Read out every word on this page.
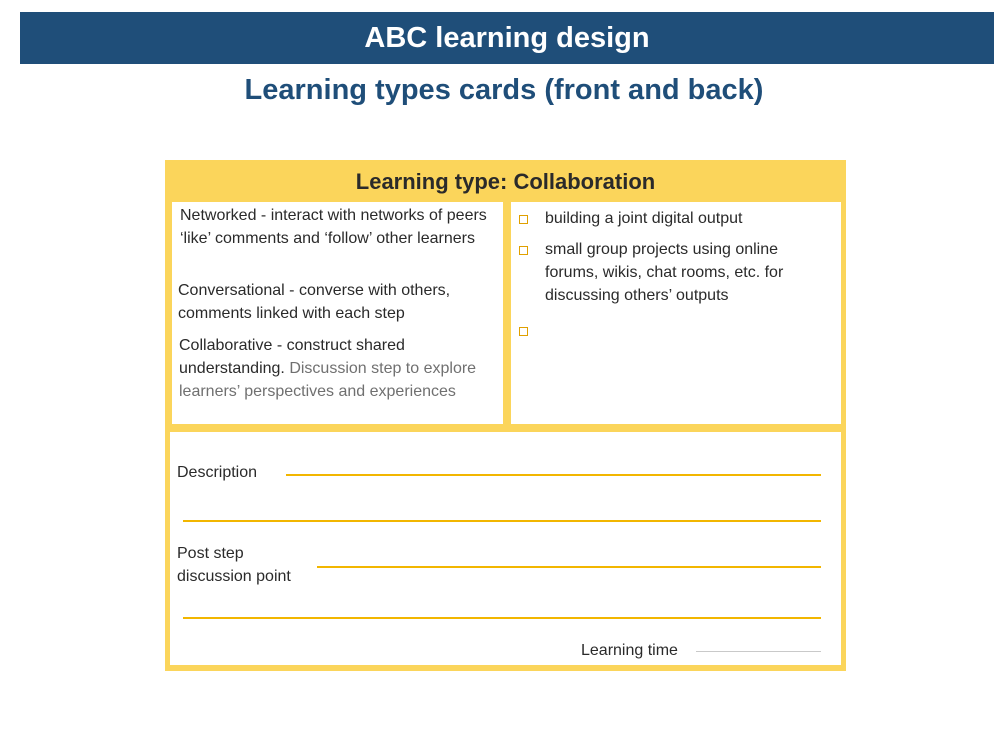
ABC learning design
Learning types cards (front and back)
Learning type: Collaboration
Networked - interact with networks of peers ‘like’ comments and ‘follow’ other learners
Conversational - converse with others, comments linked with each step
Collaborative - construct shared understanding. Discussion step to explore learners’ perspectives and experiences
building a joint digital output
small group projects using online forums, wikis, chat rooms, etc. for discussing others’ outputs
Description
Post step discussion point
Learning time
